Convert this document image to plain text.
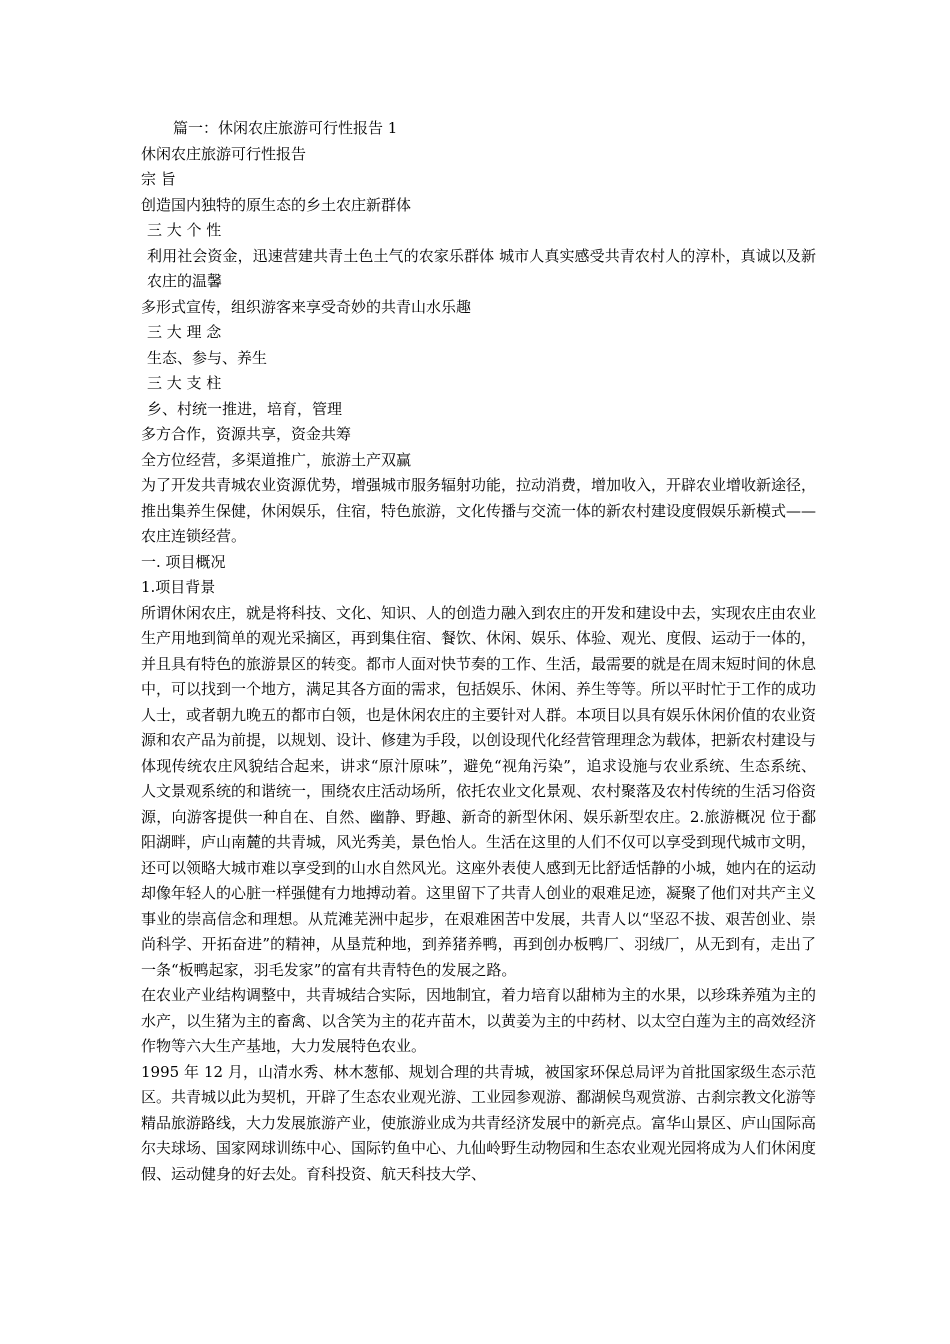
篇一：休闲农庄旅游可行性报告 1
休闲农庄旅游可行性报告
宗 旨
创造国内独特的原生态的乡土农庄新群体
三 大 个 性
利用社会资金，迅速营建共青土色土气的农家乐群体 城市人真实感受共青农村人的淳朴，真诚以及新农庄的温馨
多形式宣传，组织游客来享受奇妙的共青山水乐趣
三 大 理 念
生态、参与、养生
三 大 支 柱
乡、村统一推进，培育，管理
多方合作，资源共享，资金共筹
全方位经营，多渠道推广，旅游土产双赢
为了开发共青城农业资源优势，增强城市服务辐射功能，拉动消费，增加收入，开辟农业增收新途径，推出集养生保健，休闲娱乐，住宿，特色旅游，文化传播与交流一体的新农村建设度假娱乐新模式——农庄连锁经营。
一. 项目概况
1.项目背景
所谓休闲农庄，就是将科技、文化、知识、人的创造力融入到农庄的开发和建设中去，实现农庄由农业生产用地到简单的观光采摘区，再到集住宿、餐饮、休闲、娱乐、体验、观光、度假、运动于一体的，并且具有特色的旅游景区的转变。都市人面对快节奏的工作、生活，最需要的就是在周末短时间的休息中，可以找到一个地方，满足其各方面的需求，包括娱乐、休闲、养生等等。所以平时忙于工作的成功人士，或者朝九晚五的都市白领，也是休闲农庄的主要针对人群。本项目以具有娱乐休闲价值的农业资源和农产品为前提，以规划、设计、修建为手段，以创设现代化经营管理理念为载体，把新农村建设与体现传统农庄风貌结合起来，讲求“原汁原味”，避免“视角污染”，追求设施与农业系统、生态系统、人文景观系统的和谐统一，围绕农庄活动场所，依托农业文化景观、农村聚落及农村传统的生活习俗资源，向游客提供一种自在、自然、幽静、野趣、新奇的新型休闲、娱乐新型农庄。2.旅游概况 位于鄱阳湖畔，庐山南麓的共青城，风光秀美，景色怡人。生活在这里的人们不仅可以享受到现代城市文明，还可以领略大城市难以享受到的山水自然风光。这座外表使人感到无比舒适恬静的小城，她内在的运动却像年轻人的心脏一样强健有力地搏动着。这里留下了共青人创业的艰难足迹，凝聚了他们对共产主义事业的崇高信念和理想。从荒滩芜洲中起步，在艰难困苦中发展，共青人以“坚忍不拔、艰苦创业、崇尚科学、开拓奋进”的精神，从垦荒种地，到养猪养鸭，再到创办板鸭厂、羽绒厂，从无到有，走出了一条“板鸭起家，羽毛发家”的富有共青特色的发展之路。
在农业产业结构调整中，共青城结合实际，因地制宜，着力培育以甜柿为主的水果，以珍珠养殖为主的水产，以生猪为主的畜禽、以含笑为主的花卉苗木，以黄姜为主的中药材、以太空白莲为主的高效经济作物等六大生产基地，大力发展特色农业。
1995 年 12 月，山清水秀、林木葱郁、规划合理的共青城，被国家环保总局评为首批国家级生态示范区。共青城以此为契机，开辟了生态农业观光游、工业园参观游、鄱湖候鸟观赏游、古刹宗教文化游等精品旅游路线，大力发展旅游产业，使旅游业成为共青经济发展中的新亮点。富华山景区、庐山国际高尔夫球场、国家网球训练中心、国际钓鱼中心、九仙岭野生动物园和生态农业观光园将成为人们休闲度假、运动健身的好去处。育科投资、航天科技大学、
